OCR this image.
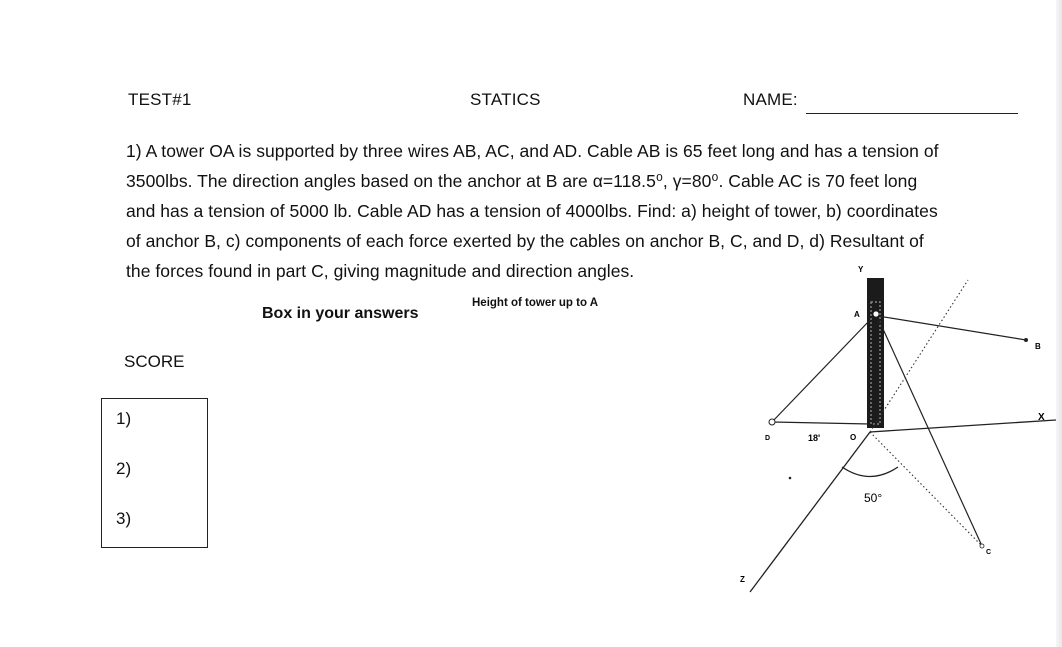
TEST#1	STATICS	NAME:
1) A tower OA is supported by three wires AB, AC, and AD. Cable AB is 65 feet long and has a tension of
3500lbs. The direction angles based on the anchor at B are α=118.5⁰, γ=80⁰. Cable AC is 70 feet long
and has a tension of 5000 lb. Cable AD has a tension of 4000lbs. Find: a) height of tower, b) coordinates
of anchor B, c) components of each force exerted by the cables on anchor B, C, and D, d) Resultant of
the forces found in part C, giving magnitude and direction angles.
Box in your answers
Height of tower up to A
SCORE
1)
2)
3)
Y
X
Z
A
B
D
C
50°
O
18'
